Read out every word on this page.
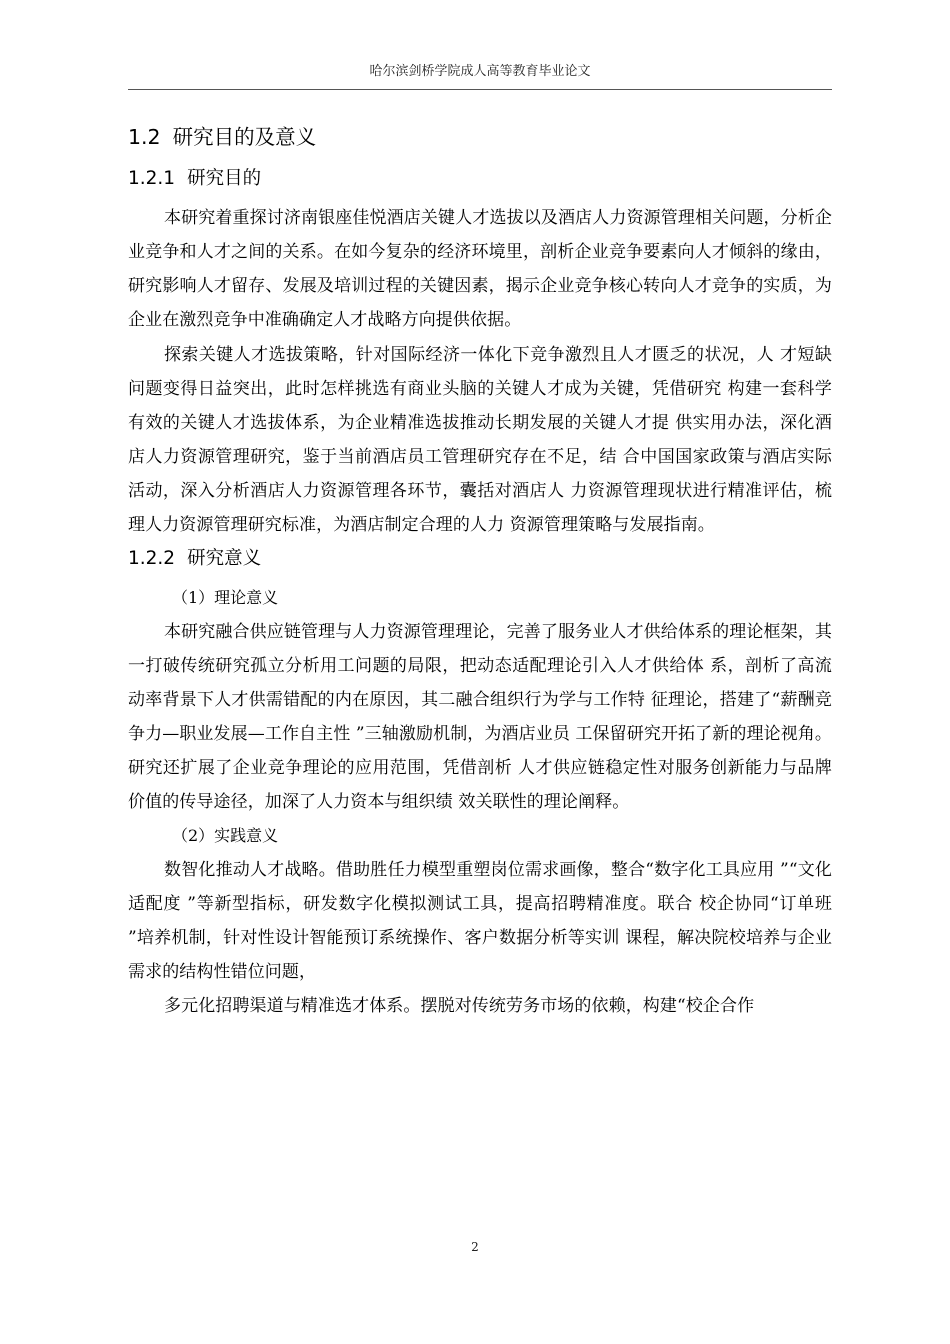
哈尔滨剑桥学院成人高等教育毕业论文
1.2 研究目的及意义
1.2.1 研究目的

本研究着重探讨济南银座佳悦酒店关键人才选拔以及酒店人力资源管理相关问题，分析企业竞争和人才之间的关系。在如今复杂的经济环境里，剖析企业竞争要素向人才倾斜的缘由，研究影响人才留存、发展及培训过程的关键因素，揭示企业竞争核心转向人才竞争的实质，为企业在激烈竞争中准确确定人才战略方向提供依据。

探索关键人才选拔策略，针对国际经济一体化下竞争激烈且人才匮乏的状况，人 才短缺问题变得日益突出，此时怎样挑选有商业头脑的关键人才成为关键，凭借研究 构建一套科学有效的关键人才选拔体系，为企业精准选拔推动长期发展的关键人才提 供实用办法，深化酒店人力资源管理研究，鉴于当前酒店员工管理研究存在不足，结 合中国国家政策与酒店实际活动，深入分析酒店人力资源管理各环节，囊括对酒店人 力资源管理现状进行精准评估，梳理人力资源管理研究标准，为酒店制定合理的人力 资源管理策略与发展指南。

1.2.2 研究意义
（1）理论意义

本研究融合供应链管理与人力资源管理理论，完善了服务业人才供给体系的理论框架，其一打破传统研究孤立分析用工问题的局限，把动态适配理论引入人才供给体 系，剖析了高流动率背景下人才供需错配的内在原因，其二融合组织行为学与工作特 征理论，搭建了“薪酬竞争力—职业发展—工作自主性 ”三轴激励机制，为酒店业员 工保留研究开拓了新的理论视角。研究还扩展了企业竞争理论的应用范围，凭借剖析 人才供应链稳定性对服务创新能力与品牌价值的传导途径，加深了人力资本与组织绩 效关联性的理论阐释。

（2）实践意义

数智化推动人才战略。借助胜任力模型重塑岗位需求画像，整合“数字化工具应用 ”“文化适配度 ”等新型指标，研发数字化模拟测试工具，提高招聘精准度。联合 校企协同“订单班 ”培养机制，针对性设计智能预订系统操作、客户数据分析等实训 课程，解决院校培养与企业需求的结构性错位问题，

多元化招聘渠道与精准选才体系。摆脱对传统劳务市场的依赖，构建“校企合作

2
